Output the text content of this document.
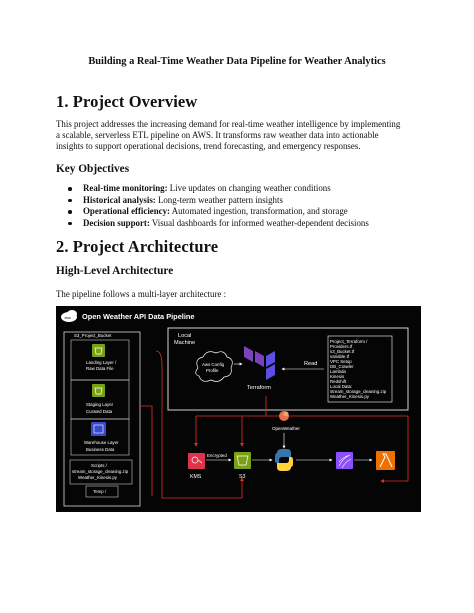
Building a Real-Time Weather Data Pipeline for Weather Analytics
1. Project Overview
This project addresses the increasing demand for real-time weather intelligence by implementing
a scalable, serverless ETL pipeline on AWS. It transforms raw weather data into actionable
insights to support operational decisions, trend forecasting, and emergency responses.
Key Objectives
Real-time monitoring: Live updates on changing weather conditions
Historical analysis: Long-term weather pattern insights
Operational efficiency: Automated ingestion, transformation, and storage
Decision support: Visual dashboards for informed weather-dependent decisions
2. Project Architecture
High-Level Architecture
The pipeline follows a multi-layer architecture :
aws Open Weather API Data Pipeline
S3_Project_Bucket
Landing Layer /
Raw Data File
Staging Layer
Curated Data
Warehouse Layer
Business Data
Scripts /
stream_storage_cleaning.zip
Weather_Kinesis.py
Temp /
Local
Machine
Aws Config
Profile
Terraform
Read
Project_Terraform /
Providers.tf
s3_Bucket.tf
variable.tf
VPC Setup
DB_Crawler
Lambda
Kinesis
Redshift
Local Data:
stream_storage_cleaning.zip
Weather_Kinesis.py
KMS
Encrypted
S3
OpenWeather
